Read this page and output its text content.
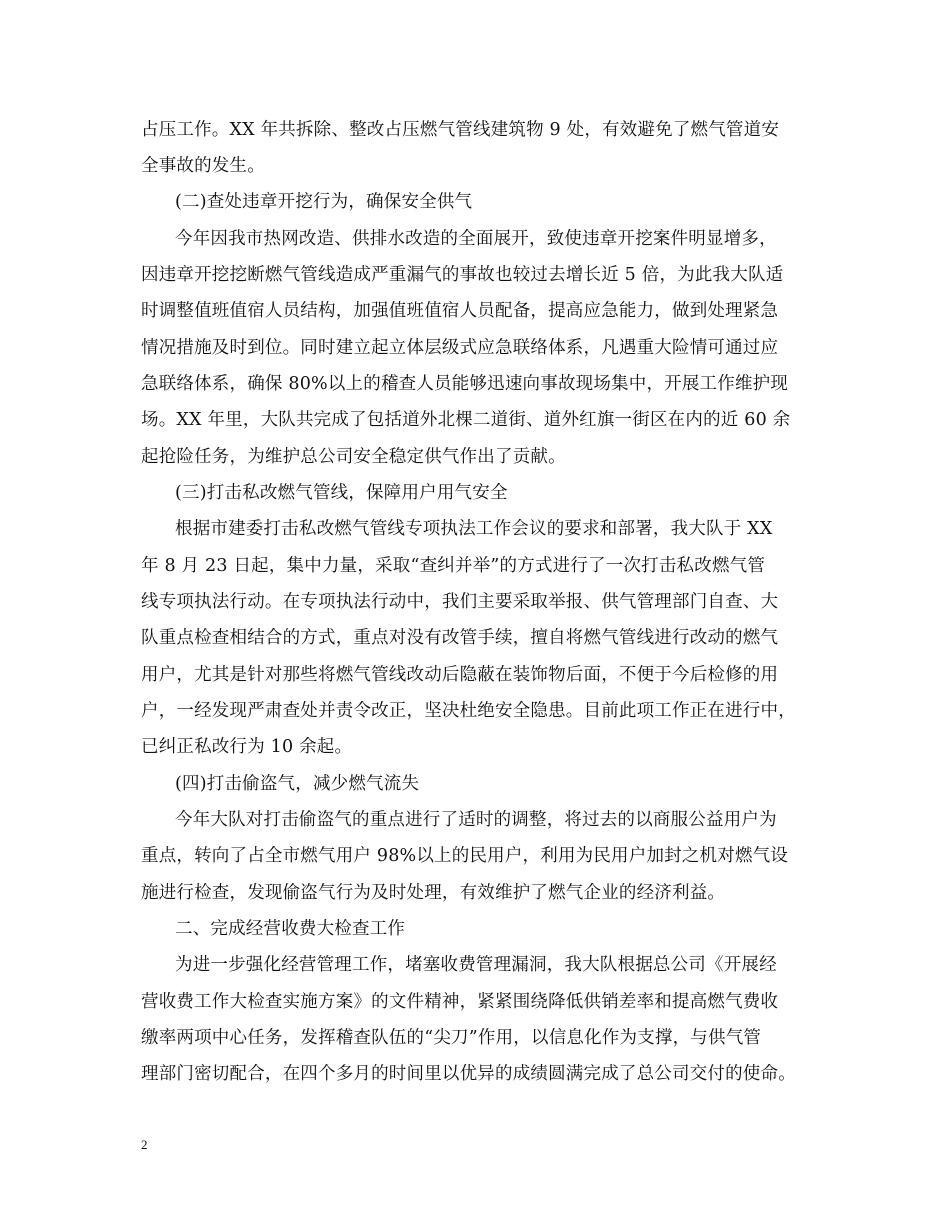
占压工作。XX 年共拆除、整改占压燃气管线建筑物 9 处，有效避免了燃气管道安
全事故的发生。
(二)查处违章开挖行为，确保安全供气
今年因我市热网改造、供排水改造的全面展开，致使违章开挖案件明显增多，
因违章开挖挖断燃气管线造成严重漏气的事故也较过去增长近 5 倍，为此我大队适
时调整值班值宿人员结构，加强值班值宿人员配备，提高应急能力，做到处理紧急
情况措施及时到位。同时建立起立体层级式应急联络体系，凡遇重大险情可通过应
急联络体系，确保 80%以上的稽查人员能够迅速向事故现场集中，开展工作维护现
场。XX 年里，大队共完成了包括道外北棵二道街、道外红旗一街区在内的近 60 余
起抢险任务，为维护总公司安全稳定供气作出了贡献。
(三)打击私改燃气管线，保障用户用气安全
根据市建委打击私改燃气管线专项执法工作会议的要求和部署，我大队于 XX
年 8 月 23 日起，集中力量，采取“查纠并举”的方式进行了一次打击私改燃气管
线专项执法行动。在专项执法行动中，我们主要采取举报、供气管理部门自查、大
队重点检查相结合的方式，重点对没有改管手续，擅自将燃气管线进行改动的燃气
用户，尤其是针对那些将燃气管线改动后隐蔽在装饰物后面，不便于今后检修的用
户，一经发现严肃查处并责令改正，坚决杜绝安全隐患。目前此项工作正在进行中，
已纠正私改行为 10 余起。
(四)打击偷盗气，减少燃气流失
今年大队对打击偷盗气的重点进行了适时的调整，将过去的以商服公益用户为
重点，转向了占全市燃气用户 98%以上的民用户，利用为民用户加封之机对燃气设
施进行检查，发现偷盗气行为及时处理，有效维护了燃气企业的经济利益。
二、完成经营收费大检查工作
为进一步强化经营管理工作，堵塞收费管理漏洞，我大队根据总公司《开展经
营收费工作大检查实施方案》的文件精神，紧紧围绕降低供销差率和提高燃气费收
缴率两项中心任务，发挥稽查队伍的“尖刀”作用，以信息化作为支撑，与供气管
理部门密切配合，在四个多月的时间里以优异的成绩圆满完成了总公司交付的使命。
2
